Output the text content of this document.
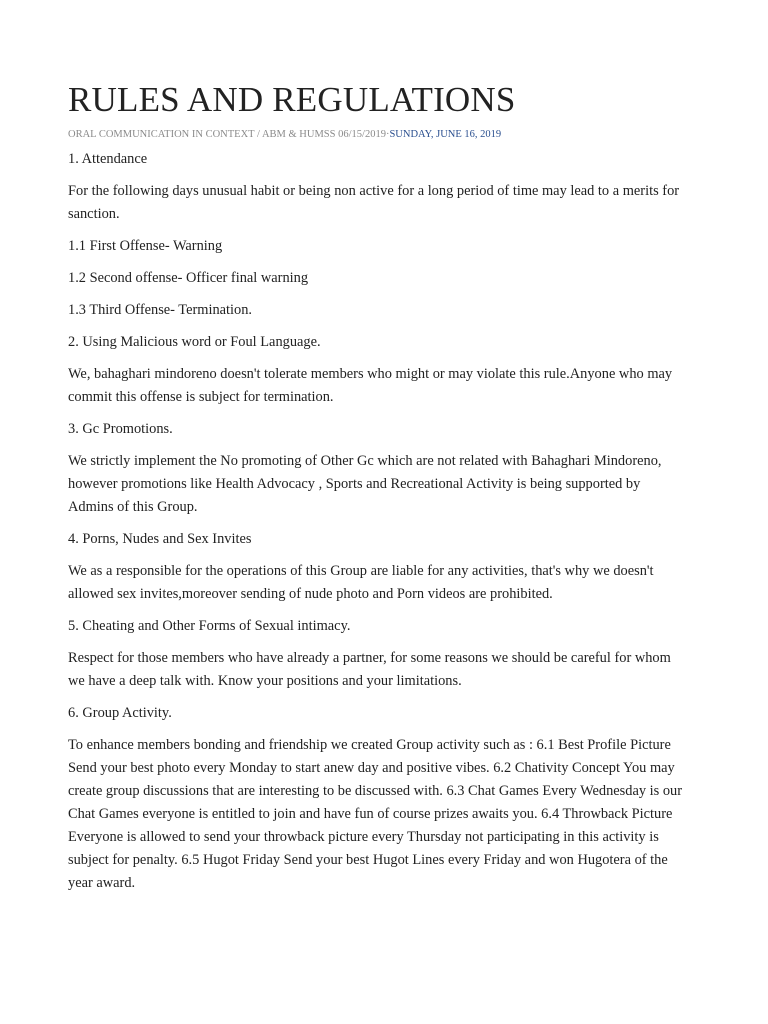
RULES AND REGULATIONS
ORAL COMMUNICATION IN CONTEXT / ABM & HUMSS 06/15/2019·SUNDAY, JUNE 16, 2019

1. Attendance

For the following days unusual habit or being non active for a long period of time may lead to a merits for sanction.

1.1 First Offense- Warning

1.2 Second offense- Officer final warning

1.3 Third Offense- Termination.

2. Using Malicious word or Foul Language.

We, bahaghari mindoreno doesn't tolerate members who might or may violate this rule.Anyone who may commit this offense is subject for termination.

3. Gc Promotions.

We strictly implement the No promoting of Other Gc which are not related with Bahaghari Mindoreno, however promotions like Health Advocacy , Sports and Recreational Activity is being supported by Admins of this Group.

4. Porns, Nudes and Sex Invites

We as a responsible for the operations of this Group are liable for any activities, that's why we doesn't allowed sex invites,moreover sending of nude photo and Porn videos are prohibited.

5. Cheating and Other Forms of Sexual intimacy.

Respect for those members who have already a partner, for some reasons we should be careful for whom we have a deep talk with. Know your positions and your limitations.

6. Group Activity.

To enhance members bonding and friendship we created Group activity such as : 6.1 Best Profile Picture Send your best photo every Monday to start anew day and positive vibes. 6.2 Chativity Concept You may create group discussions that are interesting to be discussed with. 6.3 Chat Games Every Wednesday is our Chat Games everyone is entitled to join and have fun of course prizes awaits you. 6.4 Throwback Picture Everyone is allowed to send your throwback picture every Thursday not participating in this activity is subject for penalty. 6.5 Hugot Friday Send your best Hugot Lines every Friday and won Hugotera of the year award.
